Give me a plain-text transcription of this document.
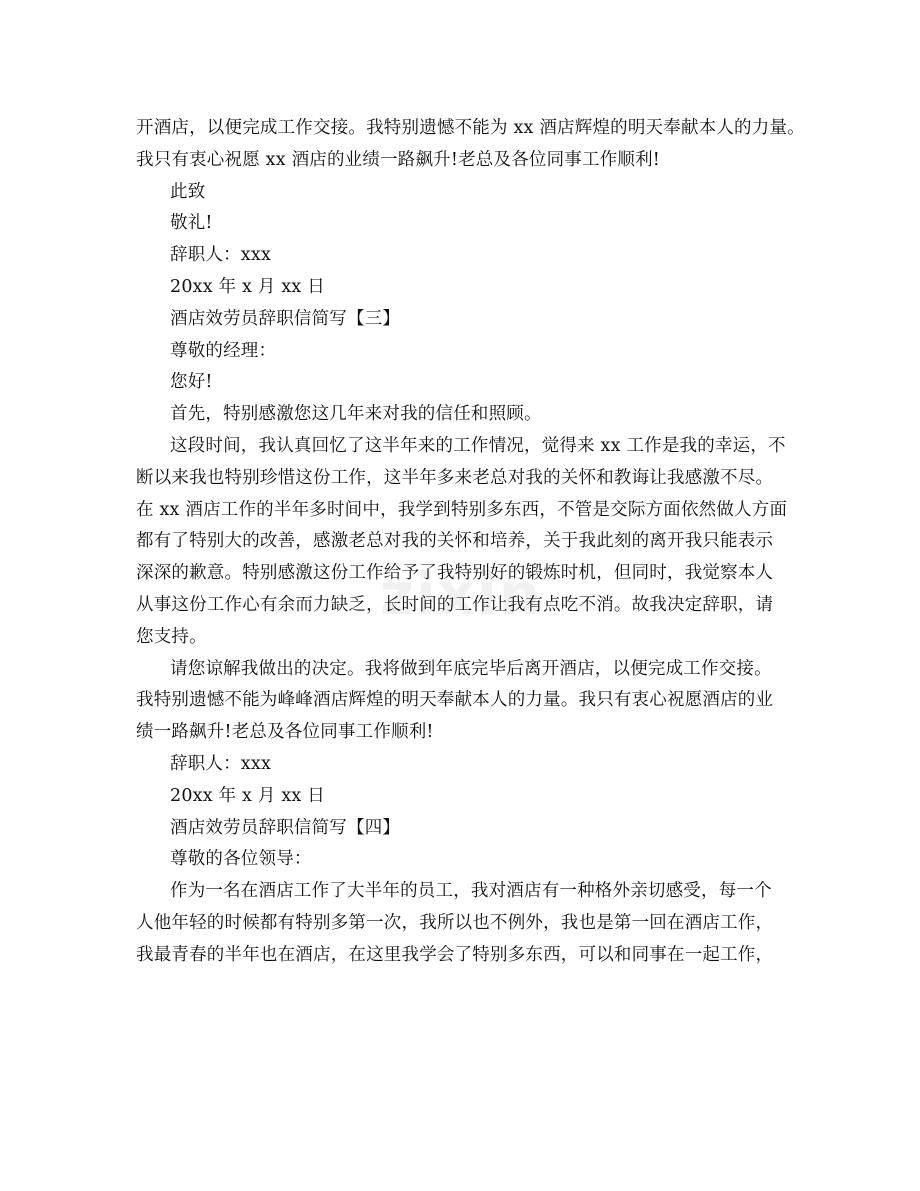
zixin
开酒店，以便完成工作交接。我特别遗憾不能为 xx 酒店辉煌的明天奉献本人的力量。
我只有衷心祝愿 xx 酒店的业绩一路飙升!老总及各位同事工作顺利!
此致
敬礼!
辞职人：xxx
20xx 年 x 月 xx 日
酒店效劳员辞职信简写【三】
尊敬的经理：
您好!
首先，特别感激您这几年来对我的信任和照顾。
这段时间，我认真回忆了这半年来的工作情况，觉得来 xx 工作是我的幸运，不
断以来我也特别珍惜这份工作，这半年多来老总对我的关怀和教诲让我感激不尽。
在 xx 酒店工作的半年多时间中，我学到特别多东西，不管是交际方面依然做人方面
都有了特别大的改善，感激老总对我的关怀和培养，关于我此刻的离开我只能表示
深深的歉意。特别感激这份工作给予了我特别好的锻炼时机，但同时，我觉察本人
从事这份工作心有余而力缺乏，长时间的工作让我有点吃不消。故我决定辞职，请
您支持。
请您谅解我做出的决定。我将做到年底完毕后离开酒店，以便完成工作交接。
我特别遗憾不能为峰峰酒店辉煌的明天奉献本人的力量。我只有衷心祝愿酒店的业
绩一路飙升!老总及各位同事工作顺利!
辞职人：xxx
20xx 年 x 月 xx 日
酒店效劳员辞职信简写【四】
尊敬的各位领导：
作为一名在酒店工作了大半年的员工，我对酒店有一种格外亲切感受，每一个
人他年轻的时候都有特别多第一次，我所以也不例外，我也是第一回在酒店工作，
我最青春的半年也在酒店，在这里我学会了特别多东西，可以和同事在一起工作，
